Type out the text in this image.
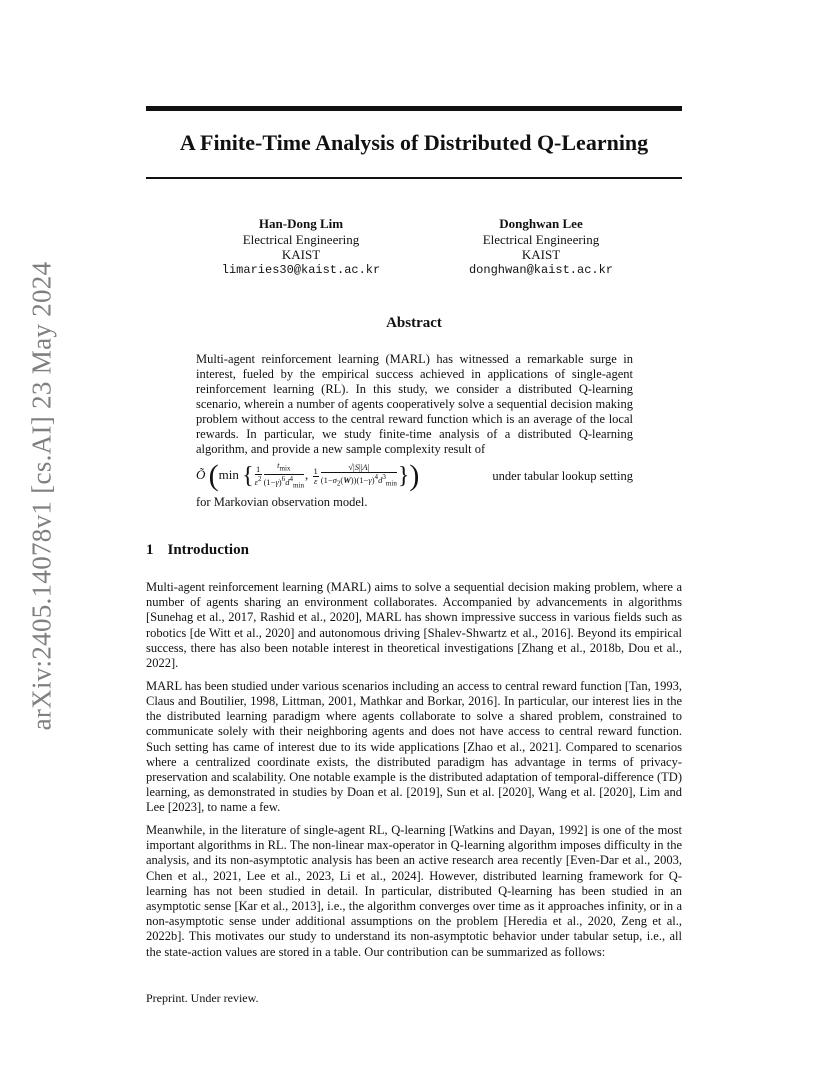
arXiv:2405.14078v1 [cs.AI] 23 May 2024
A Finite-Time Analysis of Distributed Q-Learning
Han-Dong Lim
Electrical Engineering
KAIST
limaries30@kaist.ac.kr
Donghwan Lee
Electrical Engineering
KAIST
donghwan@kaist.ac.kr
Abstract

Multi-agent reinforcement learning (MARL) has witnessed a remarkable surge in interest, fueled by the empirical success achieved in applications of single-agent reinforcement learning (RL). In this study, we consider a distributed Q-learning scenario, wherein a number of agents cooperatively solve a sequential decision making problem without access to the central reward function which is an average of the local rewards. In particular, we study finite-time analysis of a distributed Q-learning algorithm, and provide a new sample complexity result of

Õ (min { $\frac{1}{\varepsilon^2} \frac{t_{mix}}{(1-\gamma)^6d^4_{min}}$ , $\frac{1}{\varepsilon} \frac{√|S||A|}{(1-\sigma_2(W))(1-\gamma)^4d^3_{min}}$ })	under tabular lookup setting

for Markovian observation model.

1 Introduction

Multi-agent reinforcement learning (MARL) aims to solve a sequential decision making problem, where a number of agents sharing an environment collaborates. Accompanied by advancements in algorithms [Sunehag et al., 2017, Rashid et al., 2020], MARL has shown impressive success in various fields such as robotics [de Witt et al., 2020] and autonomous driving [Shalev-Shwartz et al., 2016]. Beyond its empirical success, there has also been notable interest in theoretical investigations [Zhang et al., 2018b, Dou et al., 2022].

MARL has been studied under various scenarios including an access to central reward function [Tan, 1993, Claus and Boutilier, 1998, Littman, 2001, Mathkar and Borkar, 2016]. In particular, our interest lies in the the distributed learning paradigm where agents collaborate to solve a shared problem, constrained to communicate solely with their neighboring agents and does not have access to central reward function. Such setting has came of interest due to its wide applications [Zhao et al., 2021]. Compared to scenarios where a centralized coordinate exists, the distributed paradigm has advantage in terms of privacy-preservation and scalability. One notable example is the distributed adaptation of temporal-difference (TD) learning, as demonstrated in studies by Doan et al. [2019], Sun et al. [2020], Wang et al. [2020], Lim and Lee [2023], to name a few.

Meanwhile, in the literature of single-agent RL, Q-learning [Watkins and Dayan, 1992] is one of the most important algorithms in RL. The non-linear max-operator in Q-learning algorithm imposes difficulty in the analysis, and its non-asymptotic analysis has been an active research area recently [Even-Dar et al., 2003, Chen et al., 2021, Lee et al., 2023, Li et al., 2024]. However, distributed learning framework for Q-learning has not been studied in detail. In particular, distributed Q-learning has been studied in an asymptotic sense [Kar et al., 2013], i.e., the algorithm converges over time as it approaches infinity, or in a non-asymptotic sense under additional assumptions on the problem [Heredia et al., 2020, Zeng et al., 2022b]. This motivates our study to understand its non-asymptotic behavior under tabular setup, i.e., all the state-action values are stored in a table. Our contribution can be summarized as follows:

Preprint. Under review.
